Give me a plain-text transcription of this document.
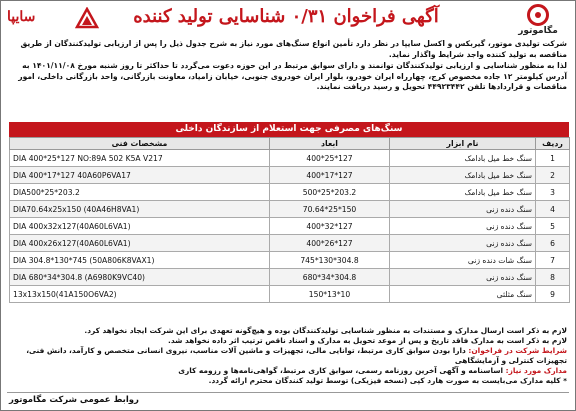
مگاموتور
آگهی فراخوان ۰/۳۱ شناسایی تولید کننده
سایپا

شرکت تولیدی موتور، گیربکس و اکسل سایپا در نظر دارد تأمین انواع سنگ‌های مورد نیاز به شرح جدول ذیل را پس از ارزیابی تولیدکنندگان از طریق مناقصه به تولید کننده واجد شرایط واگذار نماید.

لذا به منظور شناسایی و ارزیابی تولیدکنندگان توانمند و دارای سوابق مرتبط در این حوزه دعوت می‌گردد تا حداکثر تا روز شنبه مورخ ۱۴۰۱/۱۱/۰۸ به آدرس کیلومتر ۱۲ جاده مخصوص کرج، چهارراه ایران خودرو، بلوار ایران خودروی جنوبی، خیابان زامیاد، معاونت بازرگانی، واحد بازرگانی داخلی، امور مناقصات و قراردادها تلفن ۴۴۹۲۳۴۴۲ تحویل و رسید دریافت نمایند.

سنگ‌های مصرفی جهت استعلام از سازندگان داخلی
ردیف	نام ابزار	ابعاد	مشخصات فنی
1	سنگ خط میل بادامک	400*25*127	DIA 400*25*127 NO:89A 502 K5A V217
2	سنگ خط میل بادامک	400*17*127	DIA 400*17*127 40A60P6VA17
3	سنگ خط میل بادامک	500*25*203.2	DIA500*25*203.2
4	سنگ دنده زنی	70.64*25*150	DIA70.64x25x150 (40A46H8VA1)
5	سنگ دنده زنی	400*32*127	DIA 400x32x127(40A60L6VA1)
6	سنگ دنده زنی	400*26*127	DIA 400x26x127(40A60L6VA1)
7	سنگ شات دنده زنی	745*130*304.8	DIA 304.8*130*745 (50A806K8VAX1)
8	سنگ دنده زنی	680*34*304.8	DIA 680*34*304.8 (A6980K9VC40)
9	سنگ مثلثی	150*13*10	13x13x150(41A150O6VA2)

لازم به ذکر است ارسال مدارک و مستندات به منظور شناسایی تولیدکنندگان بوده و هیچ‌گونه تعهدی برای این شرکت ایجاد نخواهد کرد.

لازم به ذکر است به مدارک فاقد تاریخ و پس از موعد تحویل به مدارک و اسناد ناقص ترتیب اثر داده نخواهد شد.

شرایط شرکت در فراخوان: دارا بودن سوابق کاری مرتبط، توانایی مالی، تجهیزات و ماشین آلات مناسب، نیروی انسانی متخصص و کارآمد، دانش فنی، تجهیزات کنترلی و آزمایشگاهی

مدارک مورد نیاز: اساسنامه و آگهی آخرین روزنامه رسمی، سوابق کاری مرتبط، گواهی‌نامه‌ها و رزومه کاری

* کلیه مدارک می‌بایست به صورت هارد کپی (نسخه فیزیکی) توسط تولید کنندگان محترم ارائه گردد.

روابط عمومی شرکت مگاموتور
